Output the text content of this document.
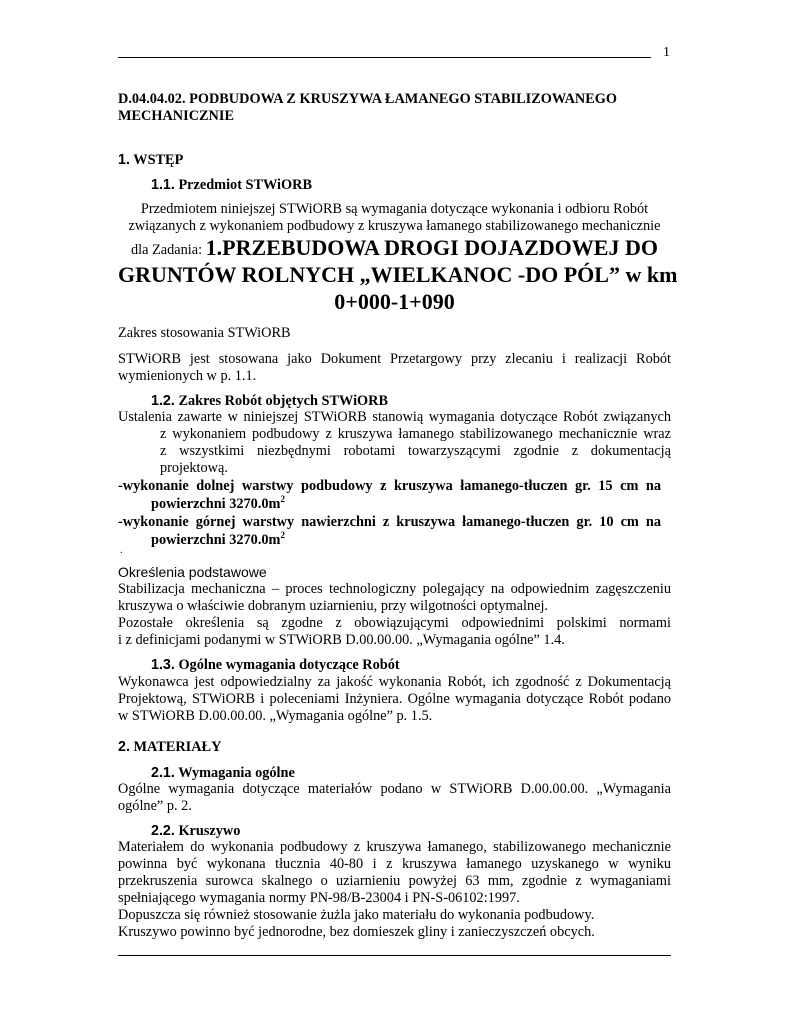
1
D.04.04.02. PODBUDOWA Z KRUSZYWA ŁAMANEGO STABILIZOWANEGO
MECHANICZNIE
1. WSTĘP
1.1. Przedmiot STWiORB
Przedmiotem niniejszej STWiORB są wymagania dotyczące wykonania i odbioru Robót
związanych z wykonaniem podbudowy z kruszywa łamanego stabilizowanego mechanicznie
dla Zadania: 1.PRZEBUDOWA DROGI DOJAZDOWEJ DO
GRUNTÓW ROLNYCH „WIELKANOC -DO PÓL” w km
0+000-1+090
Zakres stosowania STWiORB
STWiORB jest stosowana jako Dokument Przetargowy przy zlecaniu i realizacji Robót
wymienionych w p. 1.1.
1.2. Zakres Robót objętych STWiORB
Ustalenia zawarte w niniejszej STWiORB stanowią wymagania dotyczące Robót związanych
z wykonaniem podbudowy z kruszywa łamanego stabilizowanego mechanicznie wraz
z wszystkimi niezbędnymi robotami towarzyszącymi zgodnie z dokumentacją
projektową.
-wykonanie dolnej warstwy podbudowy z kruszywa łamanego-tłuczen gr. 15 cm na
powierzchni $3270.0m^2$
-wykonanie górnej warstwy nawierzchni z kruszywa łamanego-tłuczen gr. 10 cm na
powierzchni $3270.0m^2$
.
Określenia podstawowe
Stabilizacja mechaniczna – proces technologiczny polegający na odpowiednim zagęszczeniu
kruszywa o właściwie dobranym uziarnieniu, przy wilgotności optymalnej.
Pozostałe określenia są zgodne z obowiązującymi odpowiednimi polskimi normami
i z definicjami podanymi w STWiORB D.00.00.00. „Wymagania ogólne” 1.4.
1.3. Ogólne wymagania dotyczące Robót
Wykonawca jest odpowiedzialny za jakość wykonania Robót, ich zgodność z Dokumentacją
Projektową, STWiORB i poleceniami Inżyniera. Ogólne wymagania dotyczące Robót podano
w STWiORB D.00.00.00. „Wymagania ogólne” p. 1.5.
2. MATERIAŁY
2.1. Wymagania ogólne
Ogólne wymagania dotyczące materiałów podano w STWiORB D.00.00.00. „Wymagania
ogólne” p. 2.
2.2. Kruszywo
Materiałem do wykonania podbudowy z kruszywa łamanego, stabilizowanego mechanicznie
powinna być wykonana tłucznia 40-80 i z kruszywa łamanego uzyskanego w wyniku
przekruszenia surowca skalnego o uziarnieniu powyżej 63 mm, zgodnie z wymaganiami
spełniającego wymagania normy PN-98/B-23004 i PN-S-06102:1997.
Dopuszcza się również stosowanie żużla jako materiału do wykonania podbudowy.
Kruszywo powinno być jednorodne, bez domieszek gliny i zanieczyszczeń obcych.
